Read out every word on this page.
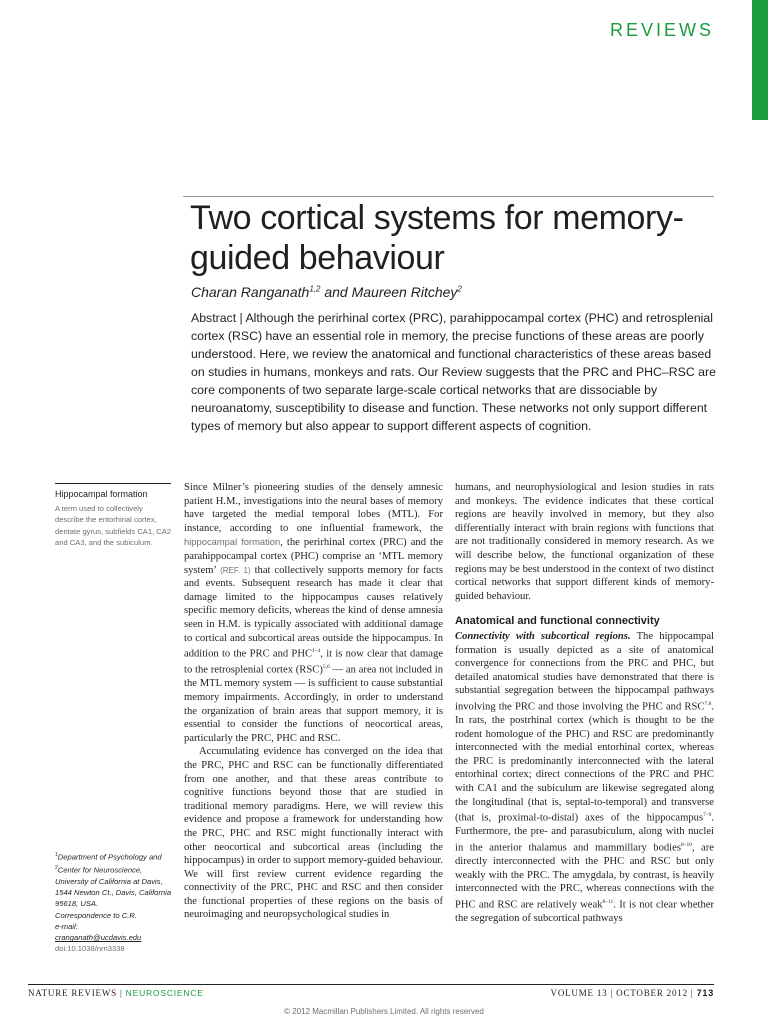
REVIEWS
Two cortical systems for memory-guided behaviour
Charan Ranganath$^{1,2}$ and Maureen Ritchey$^2$

Abstract | Although the perirhinal cortex (PRC), parahippocampal cortex (PHC) and retrosplenial cortex (RSC) have an essential role in memory, the precise functions of these areas are poorly understood. Here, we review the anatomical and functional characteristics of these areas based on studies in humans, monkeys and rats. Our Review suggests that the PRC and PHC–RSC are core components of two separate large-scale cortical networks that are dissociable by neuroanatomy, susceptibility to disease and function. These networks not only support different types of memory but also appear to support different aspects of cognition.

Hippocampal formation
A term used to collectively describe the entorhinal cortex, dentate gyrus, subfields CA1, CA2 and CA3, and the subiculum.
$^1$Department of Psychology and $^2$Center for Neuroscience, University of California at Davis, 1544 Newton Ct., Davis, California 95618, USA.
Correspondence to C.R.
e-mail:
cranganath@ucdavis.edu
doi:10.1038/nrn3338

Since Milner’s pioneering studies of the densely amnesic patient H.M., investigations into the neural bases of memory have targeted the medial temporal lobes (MTL). For instance, according to one influential framework, the hippocampal formation, the perirhinal cortex (PRC) and the parahippocampal cortex (PHC) comprise an ‘MTL memory system’ (REF. 1) that collectively supports memory for facts and events. Subsequent research has made it clear that damage limited to the hippocampus causes relatively specific memory deficits, whereas the kind of dense amnesia seen in H.M. is typically associated with additional damage to cortical and subcortical areas outside the hippocampus. In addition to the PRC and PHC$^{1-4}$, it is now clear that damage to the retrosplenial cortex (RSC)$^{5,6}$ — an area not included in the MTL memory system — is sufficient to cause substantial memory impairments. Accordingly, in order to understand the organization of brain areas that support memory, it is essential to consider the functions of neocortical areas, particularly the PRC, PHC and RSC.

Accumulating evidence has converged on the idea that the PRC, PHC and RSC can be functionally differentiated from one another, and that these areas contribute to cognitive functions beyond those that are studied in traditional memory paradigms. Here, we will review this evidence and propose a framework for understanding how the PRC, PHC and RSC might functionally interact with other neocortical and subcortical areas (including the hippocampus) in order to support memory-guided behaviour. We will first review current evidence regarding the connectivity of the PRC, PHC and RSC and then consider the functional properties of these regions on the basis of neuroimaging and neuropsychological studies in

humans, and neurophysiological and lesion studies in rats and monkeys. The evidence indicates that these cortical regions are heavily involved in memory, but they also differentially interact with brain regions with functions that are not traditionally considered in memory research. As we will describe below, the functional organization of these regions may be best understood in the context of two distinct cortical networks that support different kinds of memory-guided behaviour.

Anatomical and functional connectivity

Connectivity with subcortical regions. The hippocampal formation is usually depicted as a site of anatomical convergence for connections from the PRC and PHC, but detailed anatomical studies have demonstrated that there is substantial segregation between the hippocampal pathways involving the PRC and those involving the PHC and RSC$^{7,8}$. In rats, the postrhinal cortex (which is thought to be the rodent homologue of the PHC) and RSC are predominantly interconnected with the medial entorhinal cortex, whereas the PRC is predominantly interconnected with the lateral entorhinal cortex; direct connections of the PRC and PHC with CA1 and the subiculum are likewise segregated along the longitudinal (that is, septal-to-temporal) and transverse (that is, proximal-to-distal) axes of the hippocampus$^{7-9}$. Furthermore, the pre- and parasubiculum, along with nuclei in the anterior thalamus and mammillary bodies$^{8-10}$, are directly interconnected with the PHC and RSC but only weakly with the PRC. The amygdala, by contrast, is heavily interconnected with the PRC, whereas connections with the PHC and RSC are relatively weak$^{8-11}$. It is not clear whether the segregation of subcortical pathways

NATURE REVIEWS | NEUROSCIENCE	VOLUME 13 | OCTOBER 2012 | 713
© 2012 Macmillan Publishers Limited. All rights reserved
